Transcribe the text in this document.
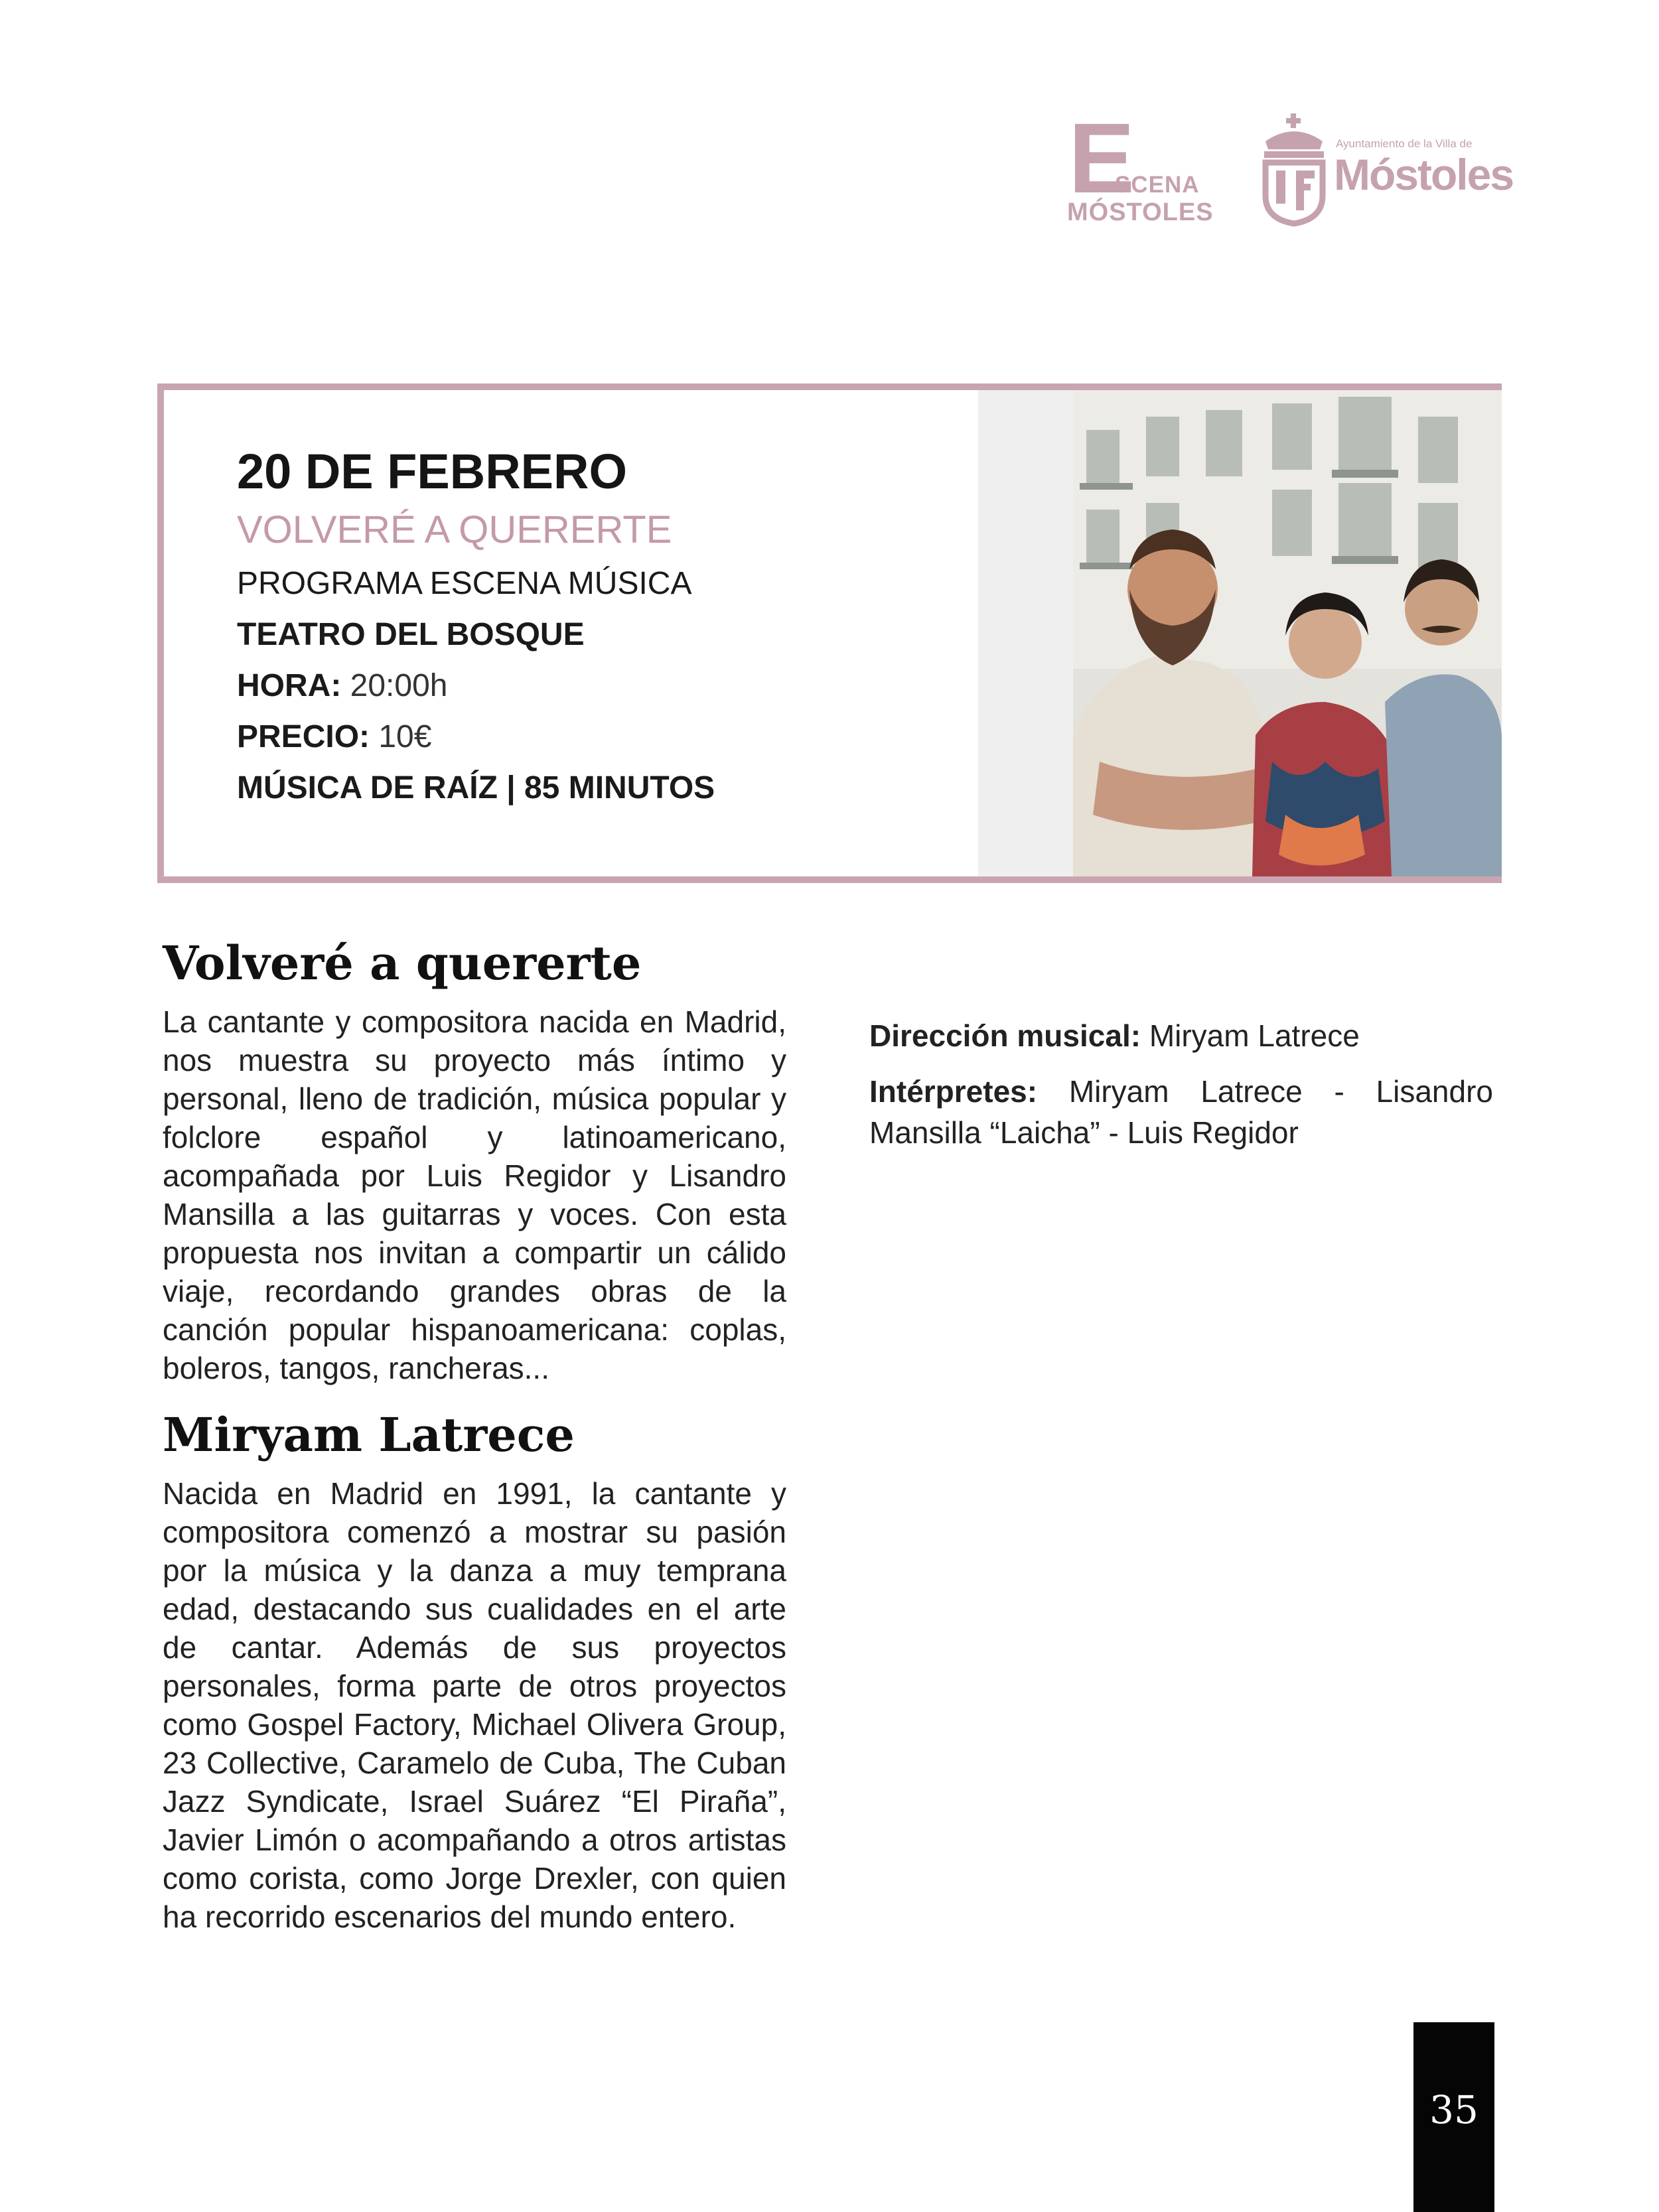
E
SCENA
MÓSTOLES
Ayuntamiento de la Villa de
Móstoles
20 DE FEBRERO
VOLVERÉ A QUERERTE
PROGRAMA ESCENA MÚSICA
TEATRO DEL BOSQUE
HORA: 20:00h
PRECIO: 10€
MÚSICA DE RAÍZ | 85 MINUTOS
Volveré a quererte

La cantante y compositora nacida en Madrid, nos muestra su proyecto más íntimo y personal, lleno de tradición, música popular y folclore español y latinoamericano, acompañada por Luis Regidor y Lisandro Mansilla a las guitarras y voces. Con esta propuesta nos invitan a compartir un cálido viaje, recordando grandes obras de la canción popular hispanoamericana: coplas, boleros, tangos, rancheras...

Miryam Latrece

Nacida en Madrid en 1991, la cantante y compositora comenzó a mostrar su pasión por la música y la danza a muy temprana edad, destacando sus cualidades en el arte de cantar. Además de sus proyectos personales, forma parte de otros proyectos como Gospel Factory, Michael Olivera Group, 23 Collective, Caramelo de Cuba, The Cuban Jazz Syndicate, Israel Suárez “El Piraña”, Javier Limón o acompañando a otros artistas como corista, como Jorge Drexler, con quien ha recorrido escenarios del mundo entero.

Dirección musical: Miryam Latrece

Intérpretes: Miryam Latrece - Lisandro Mansilla “Laicha” - Luis Regidor

35
